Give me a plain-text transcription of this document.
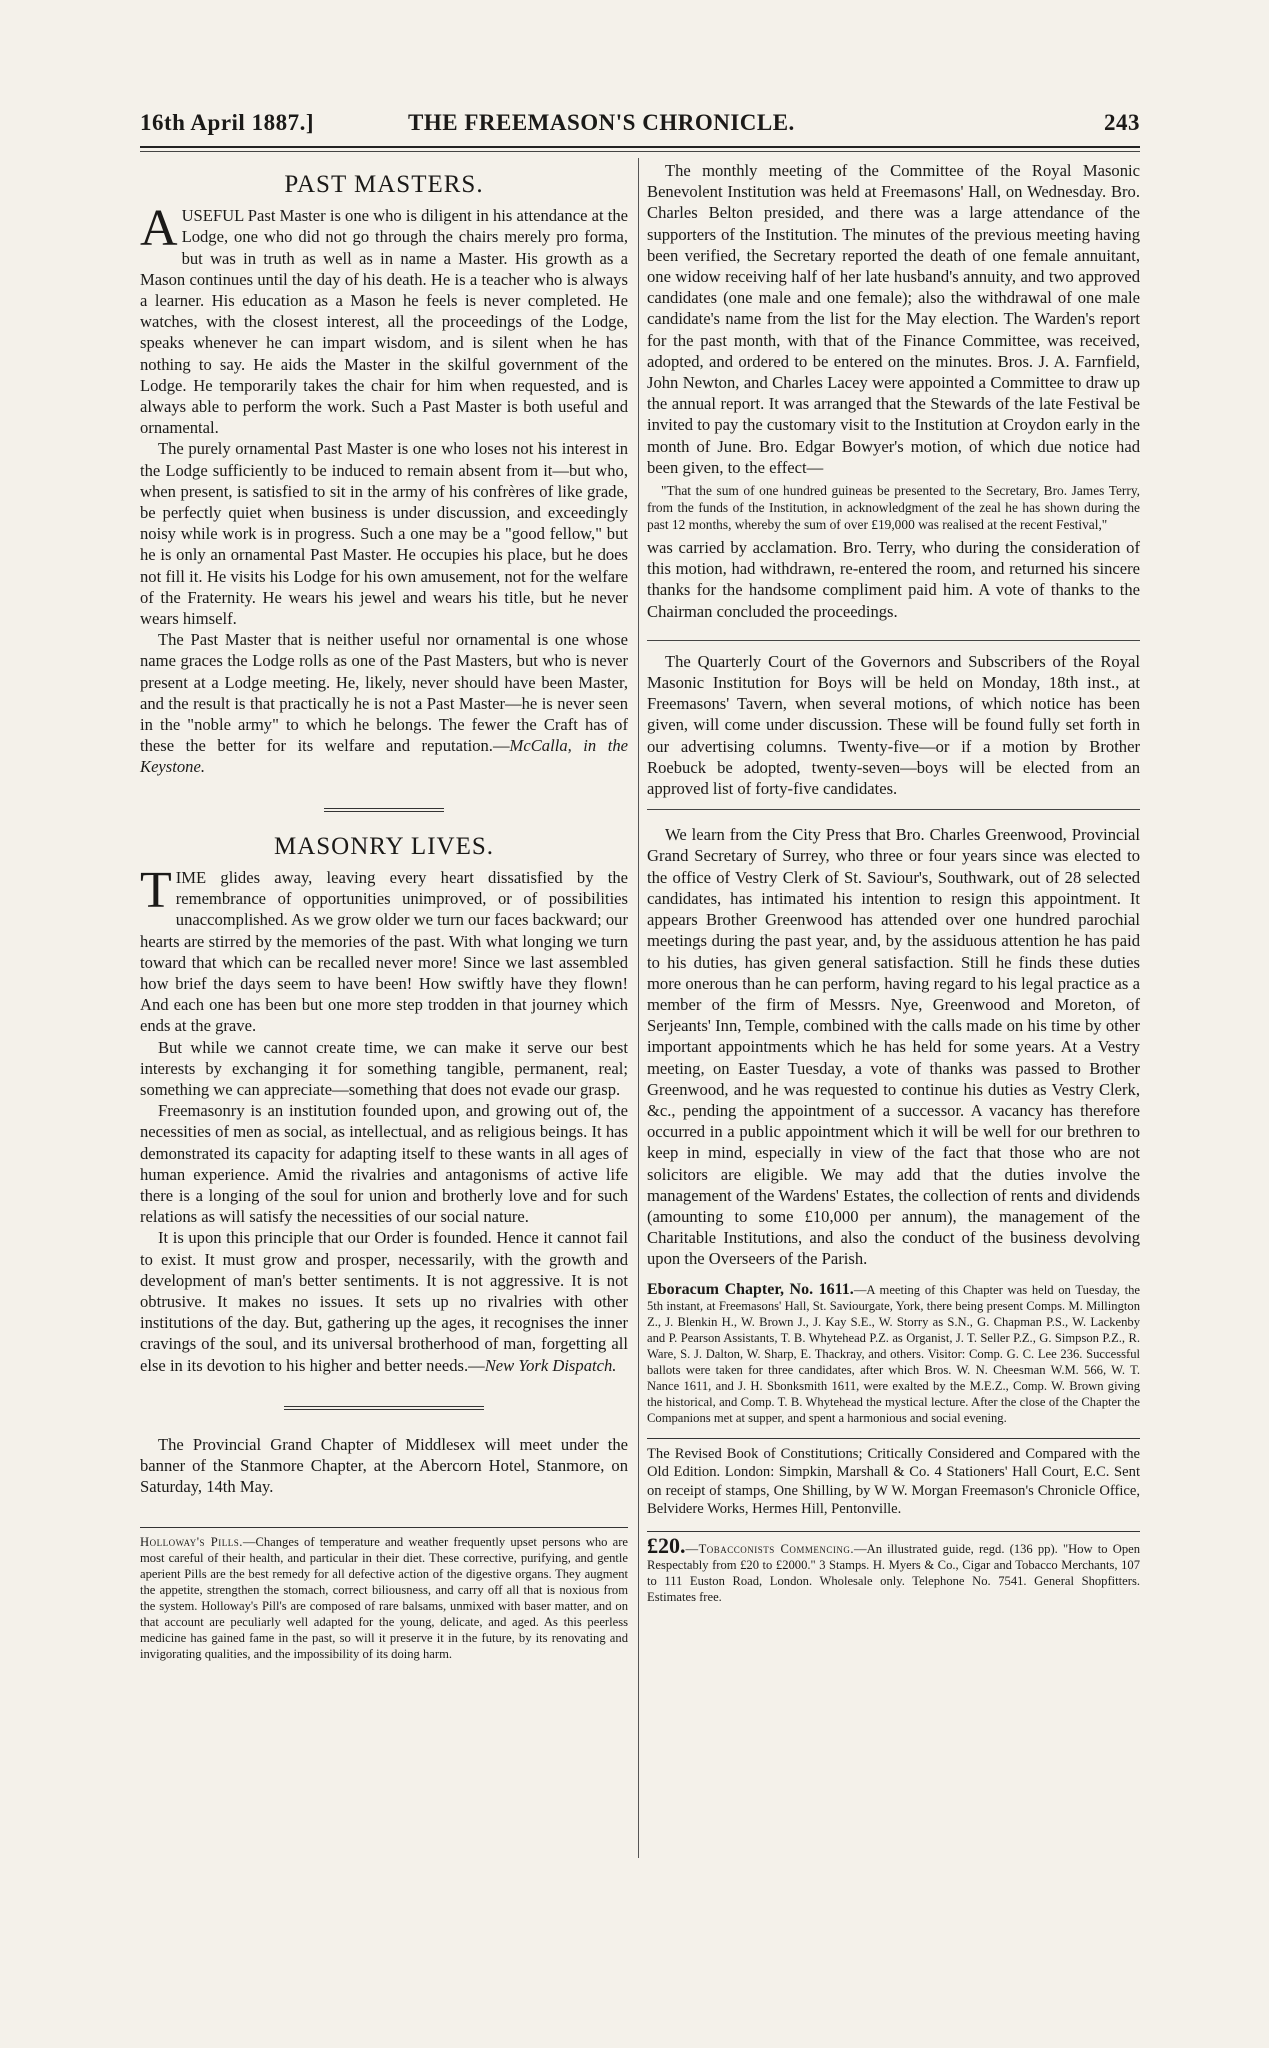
16th April 1887.]	THE FREEMASON'S CHRONICLE.	243
PAST MASTERS.

AUSEFUL Past Master is one who is diligent in his attendance at the Lodge, one who did not go through the chairs merely pro forma, but was in truth as well as in name a Master. His growth as a Mason continues until the day of his death. He is a teacher who is always a learner. His education as a Mason he feels is never completed. He watches, with the closest interest, all the proceedings of the Lodge, speaks whenever he can impart wisdom, and is silent when he has nothing to say. He aids the Master in the skilful government of the Lodge. He temporarily takes the chair for him when requested, and is always able to perform the work. Such a Past Master is both useful and ornamental.

The purely ornamental Past Master is one who loses not his interest in the Lodge sufficiently to be induced to remain absent from it—but who, when present, is satisfied to sit in the army of his confrères of like grade, be perfectly quiet when business is under discussion, and exceedingly noisy while work is in progress. Such a one may be a "good fellow," but he is only an ornamental Past Master. He occupies his place, but he does not fill it. He visits his Lodge for his own amusement, not for the welfare of the Fraternity. He wears his jewel and wears his title, but he never wears himself.

The Past Master that is neither useful nor ornamental is one whose name graces the Lodge rolls as one of the Past Masters, but who is never present at a Lodge meeting. He, likely, never should have been Master, and the result is that practically he is not a Past Master—he is never seen in the "noble army" to which he belongs. The fewer the Craft has of these the better for its welfare and reputation.—McCalla, in the Keystone.

MASONRY LIVES.

TIME glides away, leaving every heart dissatisfied by the remembrance of opportunities unimproved, or of possibilities unaccomplished. As we grow older we turn our faces backward; our hearts are stirred by the memories of the past. With what longing we turn toward that which can be recalled never more! Since we last assembled how brief the days seem to have been! How swiftly have they flown! And each one has been but one more step trodden in that journey which ends at the grave.

But while we cannot create time, we can make it serve our best interests by exchanging it for something tangible, permanent, real; something we can appreciate—something that does not evade our grasp.

Freemasonry is an institution founded upon, and growing out of, the necessities of men as social, as intellectual, and as religious beings. It has demonstrated its capacity for adapting itself to these wants in all ages of human experience. Amid the rivalries and antagonisms of active life there is a longing of the soul for union and brotherly love and for such relations as will satisfy the necessities of our social nature.

It is upon this principle that our Order is founded. Hence it cannot fail to exist. It must grow and prosper, necessarily, with the growth and development of man's better sentiments. It is not aggressive. It is not obtrusive. It makes no issues. It sets up no rivalries with other institutions of the day. But, gathering up the ages, it recognises the inner cravings of the soul, and its universal brotherhood of man, forgetting all else in its devotion to his higher and better needs.—New York Dispatch.

The Provincial Grand Chapter of Middlesex will meet under the banner of the Stanmore Chapter, at the Abercorn Hotel, Stanmore, on Saturday, 14th May.

Holloway's Pills.—Changes of temperature and weather frequently upset persons who are most careful of their health, and particular in their diet. These corrective, purifying, and gentle aperient Pills are the best remedy for all defective action of the digestive organs. They augment the appetite, strengthen the stomach, correct biliousness, and carry off all that is noxious from the system. Holloway's Pill's are composed of rare balsams, unmixed with baser matter, and on that account are peculiarly well adapted for the young, delicate, and aged. As this peerless medicine has gained fame in the past, so will it preserve it in the future, by its renovating and invigorating qualities, and the impossibility of its doing harm.

The monthly meeting of the Committee of the Royal Masonic Benevolent Institution was held at Freemasons' Hall, on Wednesday. Bro. Charles Belton presided, and there was a large attendance of the supporters of the Institution. The minutes of the previous meeting having been verified, the Secretary reported the death of one female annuitant, one widow receiving half of her late husband's annuity, and two approved candidates (one male and one female); also the withdrawal of one male candidate's name from the list for the May election. The Warden's report for the past month, with that of the Finance Committee, was received, adopted, and ordered to be entered on the minutes. Bros. J. A. Farnfield, John Newton, and Charles Lacey were appointed a Committee to draw up the annual report. It was arranged that the Stewards of the late Festival be invited to pay the customary visit to the Institution at Croydon early in the month of June. Bro. Edgar Bowyer's motion, of which due notice had been given, to the effect—

"That the sum of one hundred guineas be presented to the Secretary, Bro. James Terry, from the funds of the Institution, in acknowledgment of the zeal he has shown during the past 12 months, whereby the sum of over £19,000 was realised at the recent Festival,"

was carried by acclamation. Bro. Terry, who during the consideration of this motion, had withdrawn, re-entered the room, and returned his sincere thanks for the handsome compliment paid him. A vote of thanks to the Chairman concluded the proceedings.

The Quarterly Court of the Governors and Subscribers of the Royal Masonic Institution for Boys will be held on Monday, 18th inst., at Freemasons' Tavern, when several motions, of which notice has been given, will come under discussion. These will be found fully set forth in our advertising columns. Twenty-five—or if a motion by Brother Roebuck be adopted, twenty-seven—boys will be elected from an approved list of forty-five candidates.

We learn from the City Press that Bro. Charles Greenwood, Provincial Grand Secretary of Surrey, who three or four years since was elected to the office of Vestry Clerk of St. Saviour's, Southwark, out of 28 selected candidates, has intimated his intention to resign this appointment. It appears Brother Greenwood has attended over one hundred parochial meetings during the past year, and, by the assiduous attention he has paid to his duties, has given general satisfaction. Still he finds these duties more onerous than he can perform, having regard to his legal practice as a member of the firm of Messrs. Nye, Greenwood and Moreton, of Serjeants' Inn, Temple, combined with the calls made on his time by other important appointments which he has held for some years. At a Vestry meeting, on Easter Tuesday, a vote of thanks was passed to Brother Greenwood, and he was requested to continue his duties as Vestry Clerk, &c., pending the appointment of a successor. A vacancy has therefore occurred in a public appointment which it will be well for our brethren to keep in mind, especially in view of the fact that those who are not solicitors are eligible. We may add that the duties involve the management of the Wardens' Estates, the collection of rents and dividends (amounting to some £10,000 per annum), the management of the Charitable Institutions, and also the conduct of the business devolving upon the Overseers of the Parish.

Eboracum Chapter, No. 1611.—A meeting of this Chapter was held on Tuesday, the 5th instant, at Freemasons' Hall, St. Saviourgate, York, there being present Comps. M. Millington Z., J. Blenkin H., W. Brown J., J. Kay S.E., W. Storry as S.N., G. Chapman P.S., W. Lackenby and P. Pearson Assistants, T. B. Whytehead P.Z. as Organist, J. T. Seller P.Z., G. Simpson P.Z., R. Ware, S. J. Dalton, W. Sharp, E. Thackray, and others. Visitor: Comp. G. C. Lee 236. Successful ballots were taken for three candidates, after which Bros. W. N. Cheesman W.M. 566, W. T. Nance 1611, and J. H. Sbonksmith 1611, were exalted by the M.E.Z., Comp. W. Brown giving the historical, and Comp. T. B. Whytehead the mystical lecture. After the close of the Chapter the Companions met at supper, and spent a harmonious and social evening.

The Revised Book of Constitutions; Critically Considered and Compared with the Old Edition. London: Simpkin, Marshall & Co. 4 Stationers' Hall Court, E.C. Sent on receipt of stamps, One Shilling, by W W. Morgan Freemason's Chronicle Office, Belvidere Works, Hermes Hill, Pentonville.

£20.—Tobacconists Commencing.—An illustrated guide, regd. (136 pp). "How to Open Respectably from £20 to £2000." 3 Stamps. H. Myers & Co., Cigar and Tobacco Merchants, 107 to 111 Euston Road, London. Wholesale only. Telephone No. 7541. General Shopfitters. Estimates free.
